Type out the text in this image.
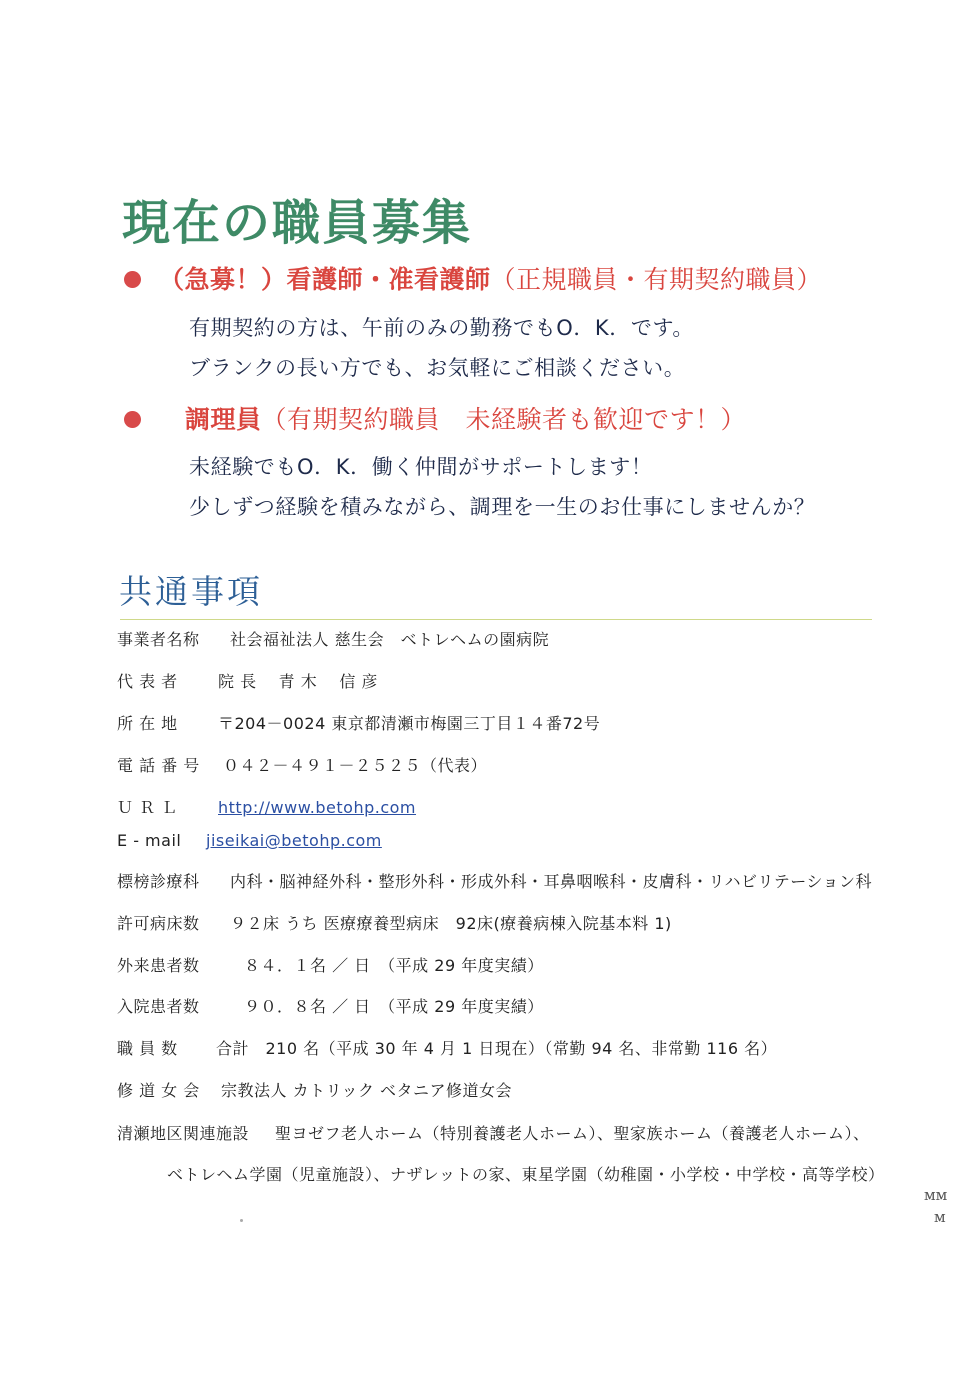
現在の職員募集
（急募！）看護師・准看護師（正規職員・有期契約職員）
有期契約の方は、午前のみの勤務でもO．K．です。
ブランクの長い方でも、お気軽にご相談ください。
調理員（有期契約職員　未経験者も歓迎です！）
未経験でもO．K．働く仲間がサポートします！
少しずつ経験を積みながら、調理を一生のお仕事にしませんか？
共通事項
事業者名称 社会福祉法人 慈生会　ベトレヘムの園病院
代 表 者	院 長　 青 木　 信 彦
所 在 地	〒204－0024 東京都清瀬市梅園三丁目１４番72号
電 話 番 号 ０４２－４９１－２５２５（代表）
Ｕ Ｒ Ｌ	http://www.betohp.com
E - mail jiseikai@betohp.com
標榜診療科 内科・脳神経外科・整形外科・形成外科・耳鼻咽喉科・皮膚科・リハビリテーション科
許可病床数 ９２床 うち 医療療養型病床　92床(療養病棟入院基本料 1)
外来患者数	８４．１名 ／ 日　（平成 29 年度実績）
入院患者数	９０．８名 ／ 日　（平成 29 年度実績）
職 員 数 合計　210 名（平成 30 年 4 月 1 日現在）（常勤 94 名、非常勤 116 名）
修 道 女 会 宗教法人 カトリック ベタニア修道女会
清瀬地区関連施設 聖ヨゼフ老人ホーム（特別養護老人ホーム）、聖家族ホーム（養護老人ホーム）、
ベトレヘム学園（児童施設）、ナザレットの家、東星学園（幼稚園・小学校・中学校・高等学校）
ᴍᴍ
ᴍ
